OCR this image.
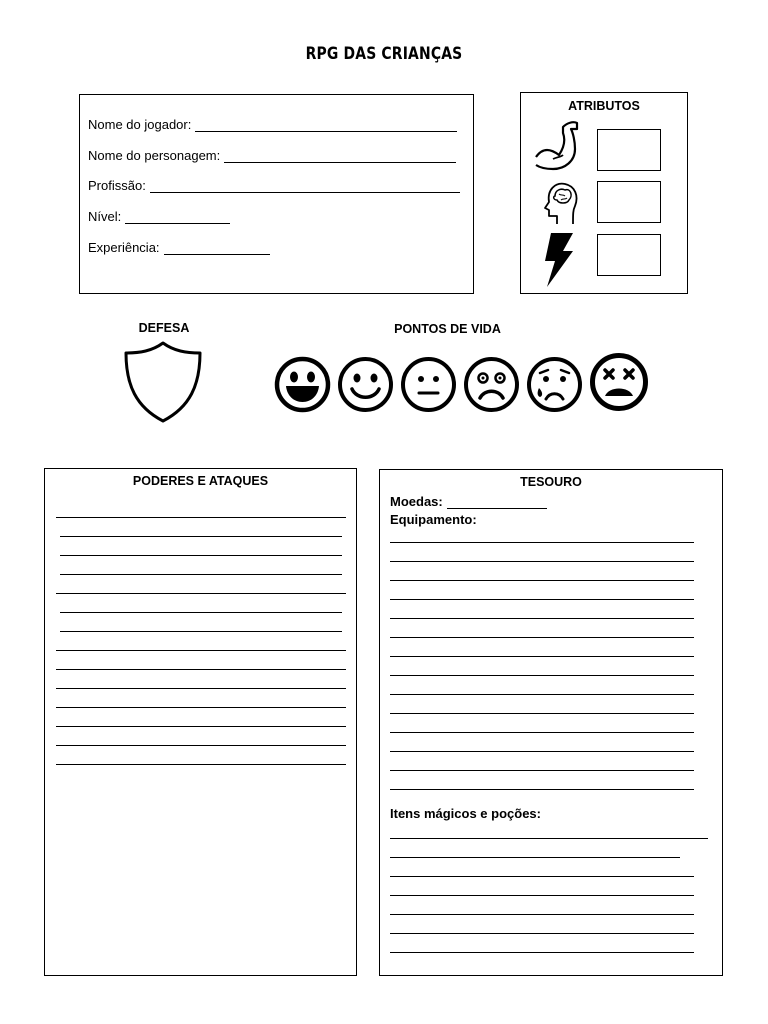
RPG DAS CRIANÇAS
Nome do jogador:
Nome do personagem:
Profissão:
Nível:
Experiência:
ATRIBUTOS
DEFESA	PONTOS DE VIDA
PODERES E ATAQUES	TESOURO
Moedas:
Equipamento:
Itens mágicos e poções:
